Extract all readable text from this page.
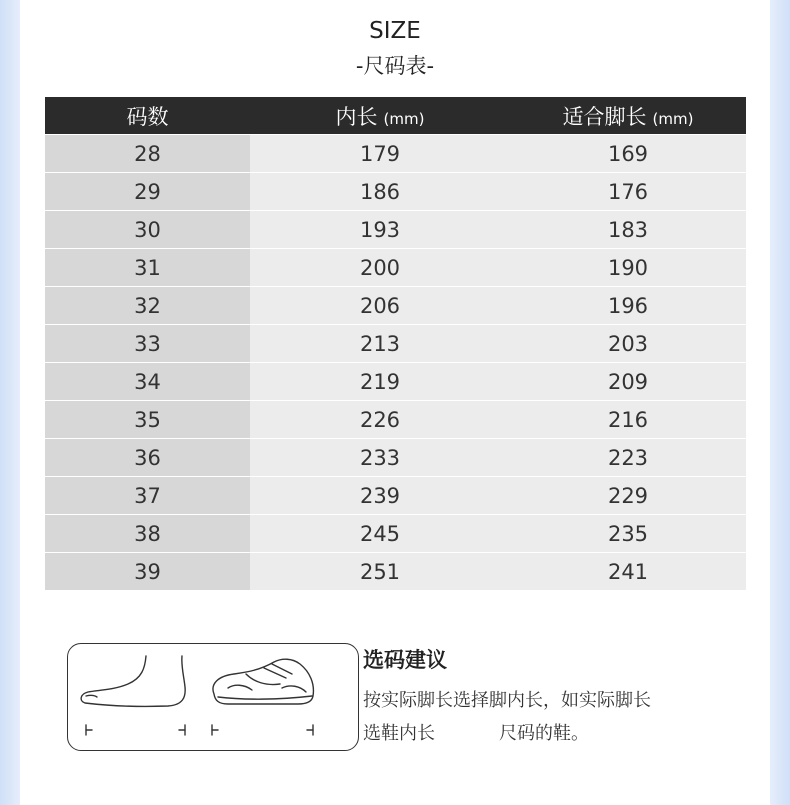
SIZE
-尺码表-
码数	内长 (mm)	适合脚长 (mm)
28	179	169
29	186	176
30	193	183
31	200	190
32	206	196
33	213	203
34	219	209
35	226	216
36	233	223
37	239	229
38	245	235
39	251	241
选码建议
按实际脚长选择脚内长，如实际脚长
选鞋内长	尺码的鞋。
